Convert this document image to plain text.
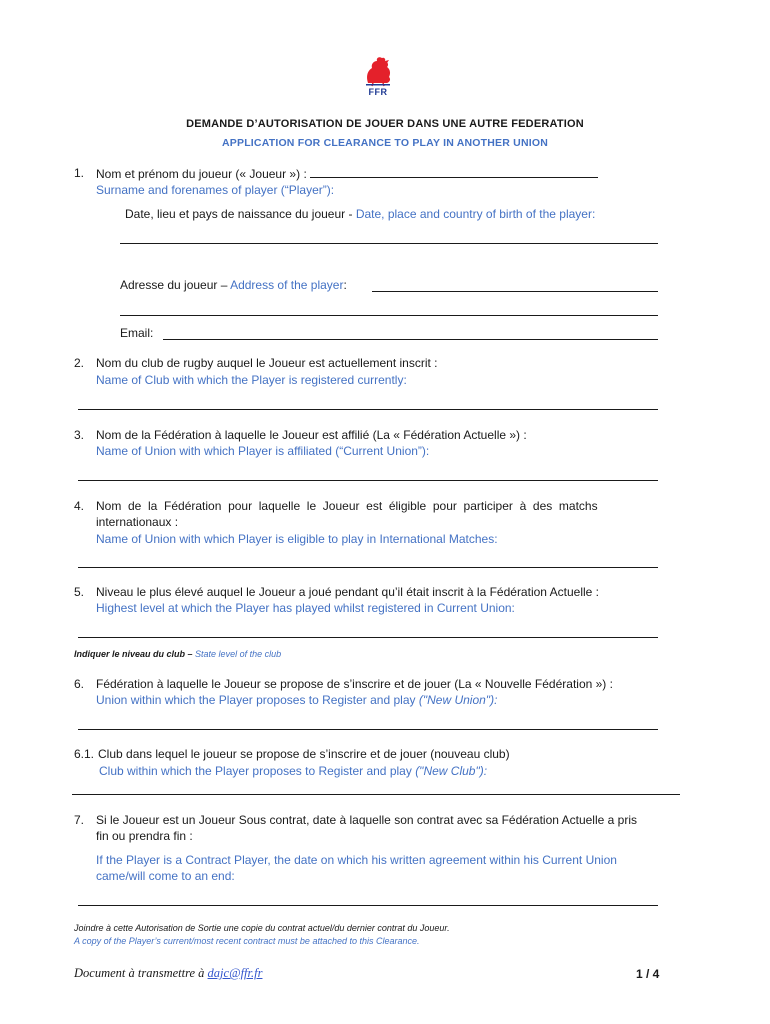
FFR
DEMANDE D’AUTORISATION DE JOUER DANS UNE AUTRE FEDERATION
APPLICATION FOR CLEARANCE TO PLAY IN ANOTHER UNION
1. Nom et prénom du joueur (« Joueur ») :
Surname and forenames of player (“Player”):
Date, lieu et pays de naissance du joueur - Date, place and country of birth of the player:
Adresse du joueur – Address of the player:
Email:
2. Nom du club de rugby auquel le Joueur est actuellement inscrit :
Name of Club with which the Player is registered currently:
3. Nom de la Fédération à laquelle le Joueur est affilié (La « Fédération Actuelle ») :
Name of Union with which Player is affiliated (“Current Union”):
4. Nom  de  la  Fédération  pour  laquelle  le  Joueur  est  éligible  pour  participer  à  des  matchs
internationaux :
Name of Union with which Player is eligible to play in International Matches:
5. Niveau le plus élevé auquel le Joueur a joué pendant qu’il était inscrit à la Fédération Actuelle :
Highest level at which the Player has played whilst registered in Current Union:
Indiquer le niveau du club – State level of the club
6. Fédération à laquelle le Joueur se propose de s’inscrire et de jouer (La « Nouvelle Fédération ») :
Union within which the Player proposes to Register and play ("New Union"):
6.1. Club dans lequel le joueur se propose de s’inscrire et de jouer (nouveau club)
Club within which the Player proposes to Register and play ("New Club"):
7. Si le Joueur est un Joueur Sous contrat, date à laquelle son contrat avec sa Fédération Actuelle a pris
fin ou prendra fin :
If the Player is a Contract Player, the date on which his written agreement within his Current Union
came/will come to an end:
Joindre à cette Autorisation de Sortie une copie du contrat actuel/du dernier contrat du Joueur.
A copy of the Player’s current/most recent contract must be attached to this Clearance.
Document à transmettre à dajc@ffr.fr	1 / 4
